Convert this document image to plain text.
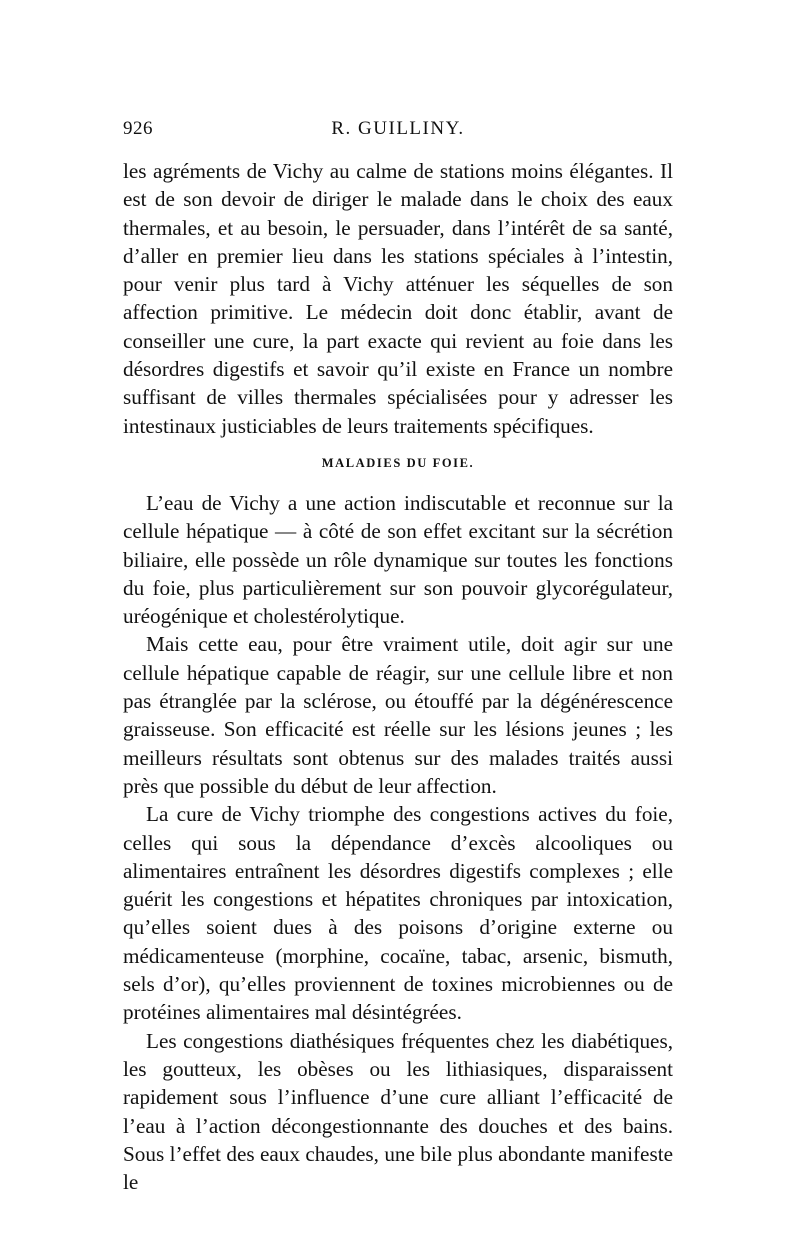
926	R. GUILLINY.

les agréments de Vichy au calme de stations moins élégantes. Il est de son devoir de diriger le malade dans le choix des eaux thermales, et au besoin, le persuader, dans l’intérêt de sa santé, d’aller en premier lieu dans les stations spéciales à l’intestin, pour venir plus tard à Vichy atténuer les séquelles de son affection primitive. Le médecin doit donc établir, avant de conseiller une cure, la part exacte qui revient au foie dans les désordres digestifs et savoir qu’il existe en France un nombre suffisant de villes thermales spécialisées pour y adresser les intestinaux justiciables de leurs traitements spécifiques.

MALADIES DU FOIE.

L’eau de Vichy a une action indiscutable et reconnue sur la cellule hépatique — à côté de son effet excitant sur la sécrétion biliaire, elle possède un rôle dynamique sur toutes les fonctions du foie, plus particulièrement sur son pouvoir glycorégulateur, uréogénique et cholestérolytique.

Mais cette eau, pour être vraiment utile, doit agir sur une cellule hépatique capable de réagir, sur une cellule libre et non pas étranglée par la sclérose, ou étouffé par la dégénérescence graisseuse. Son efficacité est réelle sur les lésions jeunes ; les meilleurs résultats sont obtenus sur des malades traités aussi près que possible du début de leur affection.

La cure de Vichy triomphe des congestions actives du foie, celles qui sous la dépendance d’excès alcooliques ou alimentaires entraînent les désordres digestifs complexes ; elle guérit les congestions et hépatites chroniques par intoxication, qu’elles soient dues à des poisons d’origine externe ou médicamenteuse (morphine, cocaïne, tabac, arsenic, bismuth, sels d’or), qu’elles proviennent de toxines microbiennes ou de protéines alimentaires mal désintégrées.

Les congestions diathésiques fréquentes chez les diabétiques, les goutteux, les obèses ou les lithiasiques, disparaissent rapidement sous l’influence d’une cure alliant l’efficacité de l’eau à l’action décongestionnante des douches et des bains. Sous l’effet des eaux chaudes, une bile plus abondante manifeste le
